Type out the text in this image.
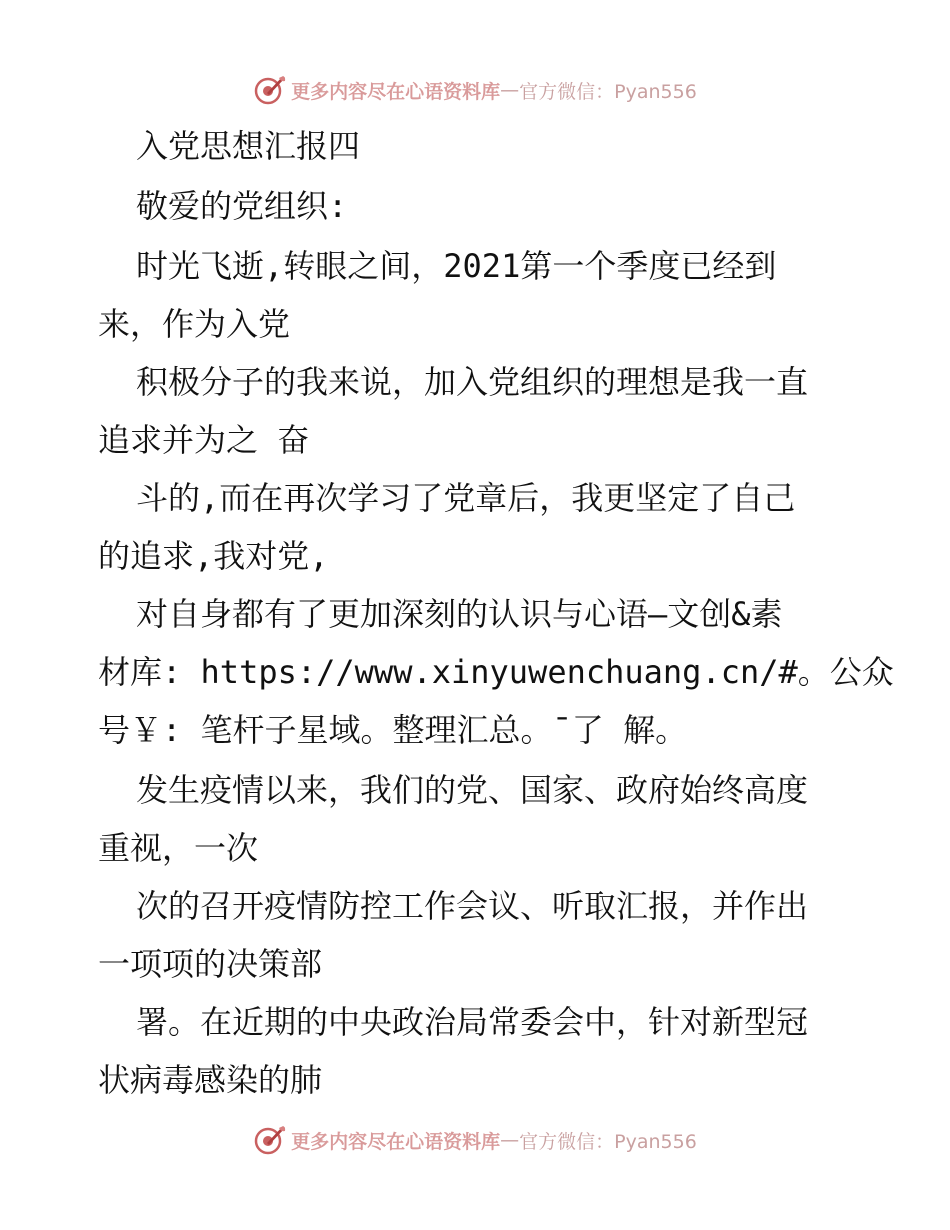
更多内容尽在心语资料库 — 官方微信：Pyan556
入党思想汇报四
敬爱的党组织:
时光飞逝,转眼之间，2021第一个季度已经到
来，作为入党
积极分子的我来说，加入党组织的理想是我一直
追求并为之 奋
斗的,而在再次学习了党章后，我更坚定了自己
的追求,我对党,
对自身都有了更加深刻的认识与心语—文创&素
材库: https://www.xinyuwenchuang.cn/#。公众
号￥: 笔杆子星域。整理汇总。¯了 解。
发生疫情以来，我们的党、国家、政府始终高度
重视，一次
次的召开疫情防控工作会议、听取汇报，并作出
一项项的决策部
署。在近期的中央政治局常委会中，针对新型冠
状病毒感染的肺
更多内容尽在心语资料库 — 官方微信：Pyan556
